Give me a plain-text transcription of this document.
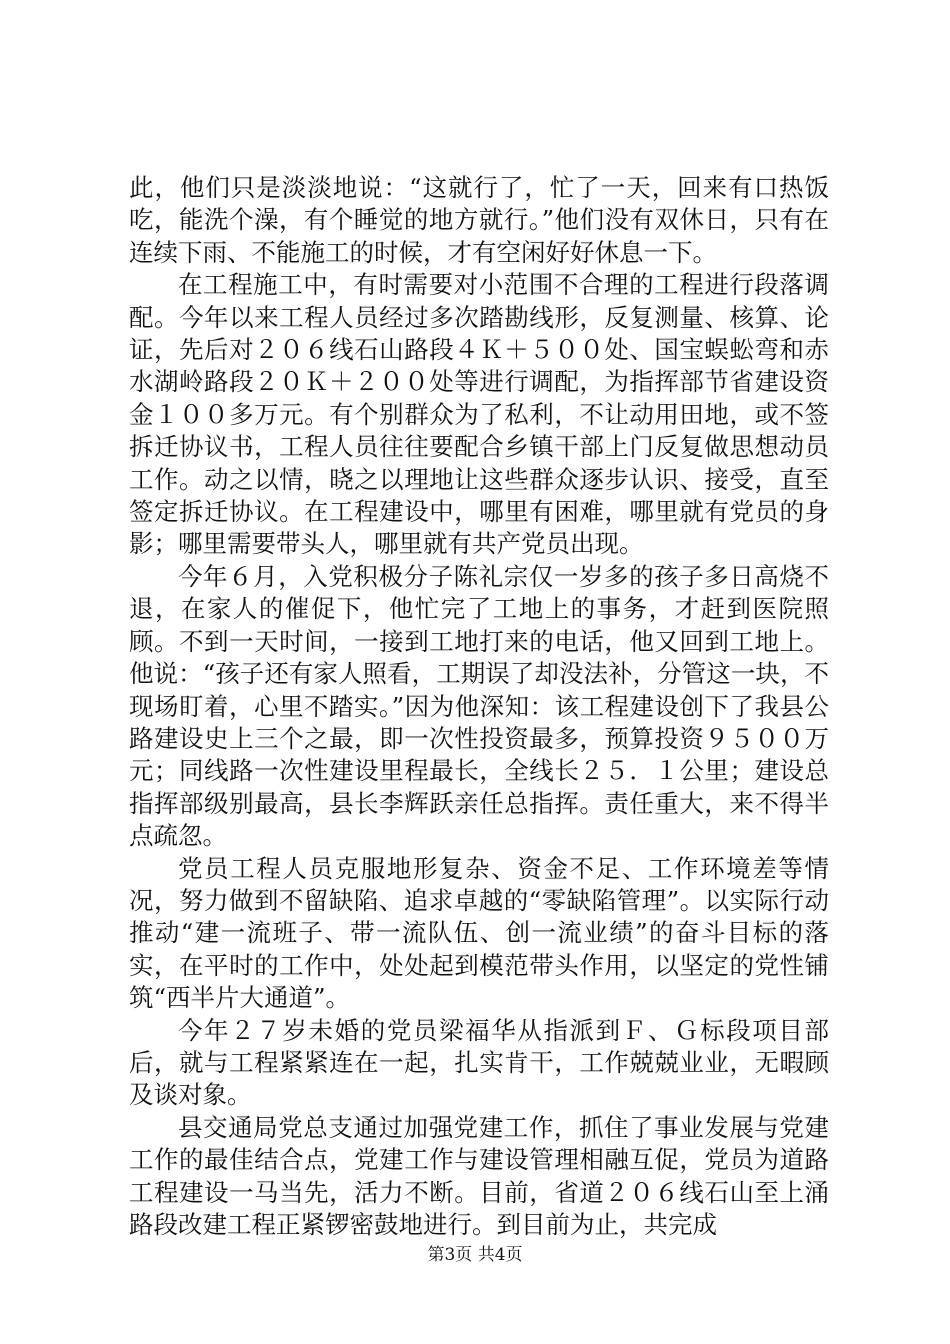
此，他们只是淡淡地说：“这就行了，忙了一天，回来有口热饭吃，能洗个澡，有个睡觉的地方就行。”他们没有双休日，只有在连续下雨、不能施工的时候，才有空闲好好休息一下。

在工程施工中，有时需要对小范围不合理的工程进行段落调配。今年以来工程人员经过多次踏勘线形，反复测量、核算、论证，先后对２０６线石山路段４Ｋ＋５００处、国宝蜈蚣弯和赤水湖岭路段２０Ｋ＋２００处等进行调配，为指挥部节省建设资金１００多万元。有个别群众为了私利，不让动用田地，或不签拆迁协议书，工程人员往往要配合乡镇干部上门反复做思想动员工作。动之以情，晓之以理地让这些群众逐步认识、接受，直至签定拆迁协议。在工程建设中，哪里有困难，哪里就有党员的身影；哪里需要带头人，哪里就有共产党员出现。

今年６月，入党积极分子陈礼宗仅一岁多的孩子多日高烧不退，在家人的催促下，他忙完了工地上的事务，才赶到医院照顾。不到一天时间，一接到工地打来的电话，他又回到工地上。他说：“孩子还有家人照看，工期误了却没法补，分管这一块，不现场盯着，心里不踏实。”因为他深知：该工程建设创下了我县公路建设史上三个之最，即一次性投资最多，预算投资９５００万元；同线路一次性建设里程最长，全线长２５．１公里；建设总指挥部级别最高，县长李辉跃亲任总指挥。责任重大，来不得半点疏忽。

党员工程人员克服地形复杂、资金不足、工作环境差等情况，努力做到不留缺陷、追求卓越的“零缺陷管理”。以实际行动推动“建一流班子、带一流队伍、创一流业绩”的奋斗目标的落实，在平时的工作中，处处起到模范带头作用，以坚定的党性铺筑“西半片大通道”。

今年２７岁未婚的党员梁福华从指派到Ｆ、Ｇ标段项目部后，就与工程紧紧连在一起，扎实肯干，工作兢兢业业，无暇顾及谈对象。

县交通局党总支通过加强党建工作，抓住了事业发展与党建工作的最佳结合点，党建工作与建设管理相融互促，党员为道路工程建设一马当先，活力不断。目前，省道２０６线石山至上涌路段改建工程正紧锣密鼓地进行。到目前为止，共完成

第3页 共4页
